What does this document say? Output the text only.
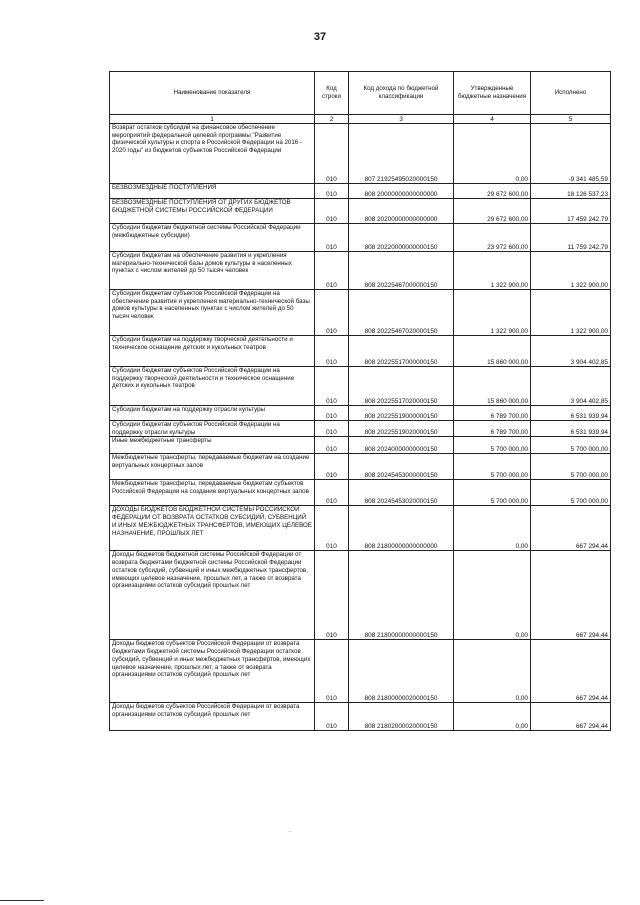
37
Наименование показателя	Код строки	Код дохода по бюджетной классификации	Утвержденные бюджетные назначения	Исполнено
1	2	3	4	5
Возврат остатков субсидий на финансовое обеспечение мероприятий федеральной целевой программы "Развитие физической культуры и спорта в Российской Федерации на 2016 - 2020 годы" из бюджетов субъектов Российской Федерации	010	807 21925495020000150	0,00	-9 341 485,59
БЕЗВОЗМЕЗДНЫЕ ПОСТУПЛЕНИЯ	010	808 20000000000000000	29 672 600,00	18 126 537,23
БЕЗВОЗМЕЗДНЫЕ ПОСТУПЛЕНИЯ ОТ ДРУГИХ БЮДЖЕТОВ БЮДЖЕТНОЙ СИСТЕМЫ РОССИЙСКОЙ ФЕДЕРАЦИИ	010	808 20200000000000000	29 672 600,00	17 459 242,79
Субсидии бюджетам бюджетной системы Российской Федерации (межбюджетные субсидии)	010	808 20220000000000150	23 972 600,00	11 759 242,79
Субсидии бюджетам на обеспечение развития и укрепления материально-технической базы домов культуры в населенных пунктах с числом жителей до 50 тысяч человек	010	808 20225467000000150	1 322 900,00	1 322 900,00
Субсидии бюджетам субъектов Российской Федерации на обеспечение развития и укрепления материально-технической базы домов культуры в населенных пунктах с числом жителей до 50 тысяч человек	010	808 20225467020000150	1 322 900,00	1 322 900,00
Субсидии бюджетам на поддержку творческой деятельности и техническое оснащение детских и кукольных театров	010	808 20225517000000150	15 860 000,00	3 904 402,85
Субсидии бюджетам субъектов Российской Федерации на поддержку творческой деятельности и техническое оснащение детских и кукольных театров	010	808 20225517020000150	15 860 000,00	3 904 402,85
Субсидии бюджетам на поддержку отрасли культуры	010	808 20225519000000150	6 789 700,00	6 531 939,94
Субсидии бюджетам субъектов Российской Федерации на поддержку отрасли культуры	010	808 20225519020000150	6 789 700,00	6 531 939,94
Иные межбюджетные трансферты	010	808 20240000000000150	5 700 000,00	5 700 000,00
Межбюджетные трансферты, передаваемые бюджетам на создание виртуальных концертных залов	010	808 20245453000000150	5 700 000,00	5 700 000,00
Межбюджетные трансферты, передаваемые бюджетам субъектов Российской Федерации на создание виртуальных концертных залов	010	808 20245453020000150	5 700 000,00	5 700 000,00
ДОХОДЫ БЮДЖЕТОВ БЮДЖЕТНОЙ СИСТЕМЫ РОССИЙСКОЙ ФЕДЕРАЦИИ ОТ ВОЗВРАТА ОСТАТКОВ СУБСИДИЙ, СУБВЕНЦИЙ И ИНЫХ МЕЖБЮДЖЕТНЫХ ТРАНСФЕРТОВ, ИМЕЮЩИХ ЦЕЛЕВОЕ НАЗНАЧЕНИЕ, ПРОШЛЫХ ЛЕТ	010	808 21800000000000000	0,00	667 294,44
Доходы бюджетов бюджетной системы Российской Федерации от возврата бюджетами бюджетной системы Российской Федерации остатков субсидий, субвенций и иных межбюджетных трансфертов, имеющих целевое назначение, прошлых лет, а также от возврата организациями остатков субсидий прошлых лет	010	808 21800000000000150	0,00	667 294,44
Доходы бюджетов субъектов Российской Федерации от возврата бюджетами бюджетной системы Российской Федерации остатков субсидий, субвенций и иных межбюджетных трансфертов, имеющих целевое назначение, прошлых лет, а также от возврата организациями остатков субсидий прошлых лет	010	808 21800000020000150	0,00	667 294,44
Доходы бюджетов субъектов Российской Федерации от возврата организациями остатков субсидий прошлых лет	010	808 21802000020000150	0,00	667 294,44
··
